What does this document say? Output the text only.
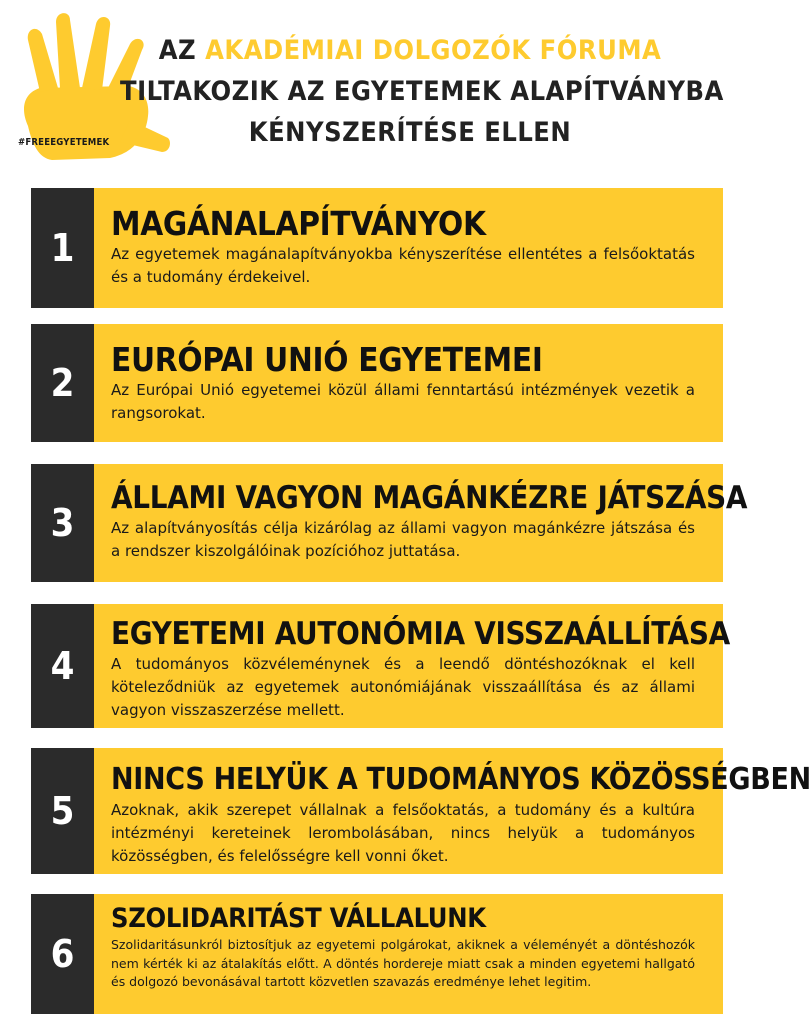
#FREEEGYETEMEK
AZ AKADÉMIAI DOLGOZÓK FÓRUMA
TILTAKOZIK AZ EGYETEMEK ALAPÍTVÁNYBA
KÉNYSZERÍTÉSE ELLEN
1
MAGÁNALAPÍTVÁNYOK
Az egyetemek magánalapítványokba kényszerítése ellentétes a felsőoktatás és a tudomány érdekeivel.
2
EURÓPAI UNIÓ EGYETEMEI
Az Európai Unió egyetemei közül állami fenntartású intézmények vezetik a rangsorokat.
3
ÁLLAMI VAGYON MAGÁNKÉZRE JÁTSZÁSA
Az alapítványosítás célja kizárólag az állami vagyon magánkézre játszása és a rendszer kiszolgálóinak pozícióhoz juttatása.
4
EGYETEMI AUTONÓMIA VISSZAÁLLÍTÁSA
A tudományos közvéleménynek és a leendő döntéshozóknak el kell köteleződniük az egyetemek autonómiájának visszaállítása és az állami vagyon visszaszerzése mellett.
5
NINCS HELYÜK A TUDOMÁNYOS KÖZÖSSÉGBEN
Azoknak, akik szerepet vállalnak a felsőoktatás, a tudomány és a kultúra intézményi kereteinek lerombolásában, nincs helyük a tudományos közösségben, és felelősségre kell vonni őket.
6
SZOLIDARITÁST VÁLLALUNK
Szolidaritásunkról biztosítjuk az egyetemi polgárokat, akiknek a véleményét a döntéshozók nem kérték ki az átalakítás előtt. A döntés hordereje miatt csak a minden egyetemi hallgató és dolgozó bevonásával tartott közvetlen szavazás eredménye lehet legitim.
